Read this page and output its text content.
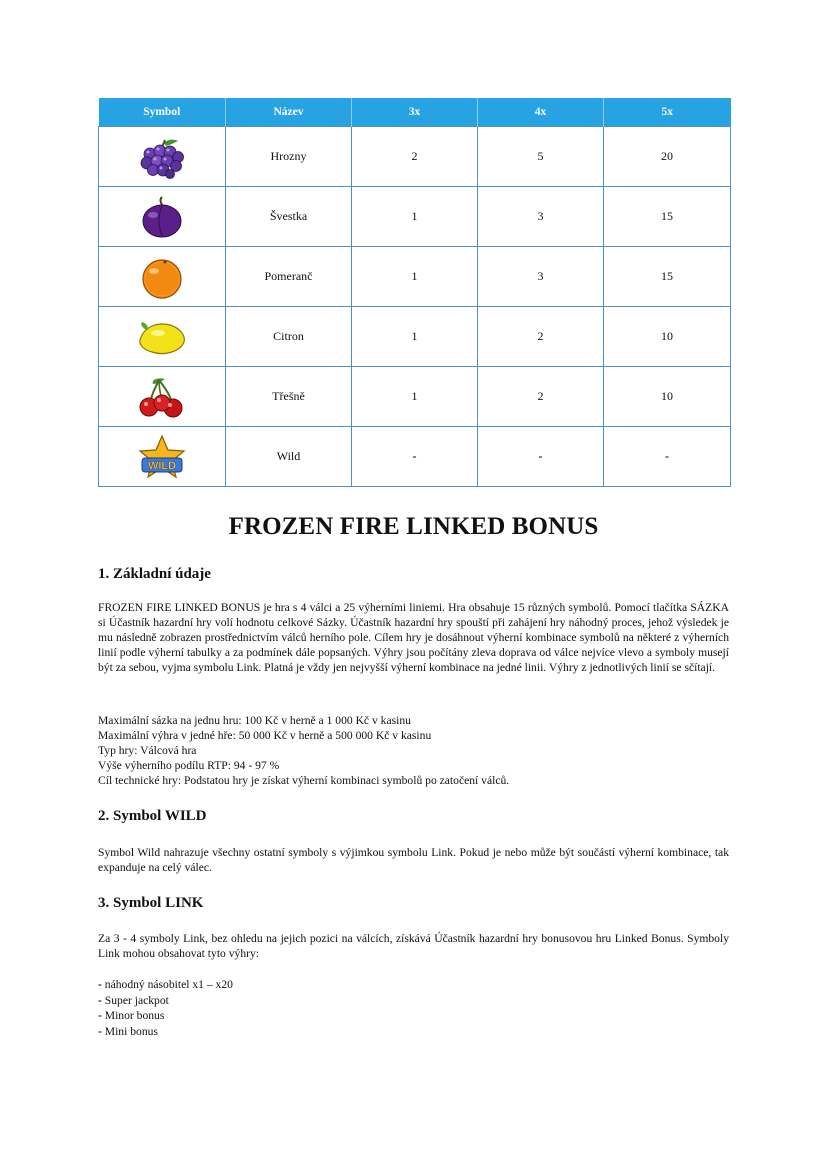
Symbol	Název	3x	4x	5x

	Hrozny	2	5	20

	Švestka	1	3	15

	Pomeranč	1	3	15

	Citron	1	2	10

	Třešně	1	2	10

WILD	Wild	-	-	-
FROZEN FIRE LINKED BONUS
1. Základní údaje

FROZEN FIRE LINKED BONUS je hra s 4 válci a 25 výherními liniemi. Hra obsahuje 15 různých symbolů. Pomocí tlačítka SÁZKA si Účastník hazardní hry volí hodnotu celkové Sázky. Účastník hazardní hry spouští při zahájení hry náhodný proces, jehož výsledek je mu následně zobrazen prostřednictvím válců herního pole. Cílem hry je dosáhnout výherní kombinace symbolů na některé z výherních linií podle výherní tabulky a za podmínek dále popsaných. Výhry jsou počítány zleva doprava od válce nejvíce vlevo a symboly musejí být za sebou, vyjma symbolu Link. Platná je vždy jen nejvyšší výherní kombinace na jedné linii. Výhry z jednotlivých linií se sčítají.

Maximální sázka na jednu hru: 100 Kč v herně a 1 000 Kč v kasinu
Maximální výhra v jedné hře: 50 000 Kč v herně a 500 000 Kč v kasinu
Typ hry: Válcová hra
Výše výherního podílu RTP: 94 - 97 %
Cíl technické hry: Podstatou hry je získat výherní kombinaci symbolů po zatočení válců.
2. Symbol WILD

Symbol Wild nahrazuje všechny ostatní symboly s výjimkou symbolu Link. Pokud je nebo může být součástí výherní kombinace, tak expanduje na celý válec.

3. Symbol LINK

Za 3 - 4 symboly Link, bez ohledu na jejich pozici na válcích, získává Účastník hazardní hry bonusovou hru Linked Bonus. Symboly Link mohou obsahovat tyto výhry:

- náhodný násobitel x1 – x20
- Super jackpot
- Minor bonus
- Mini bonus
